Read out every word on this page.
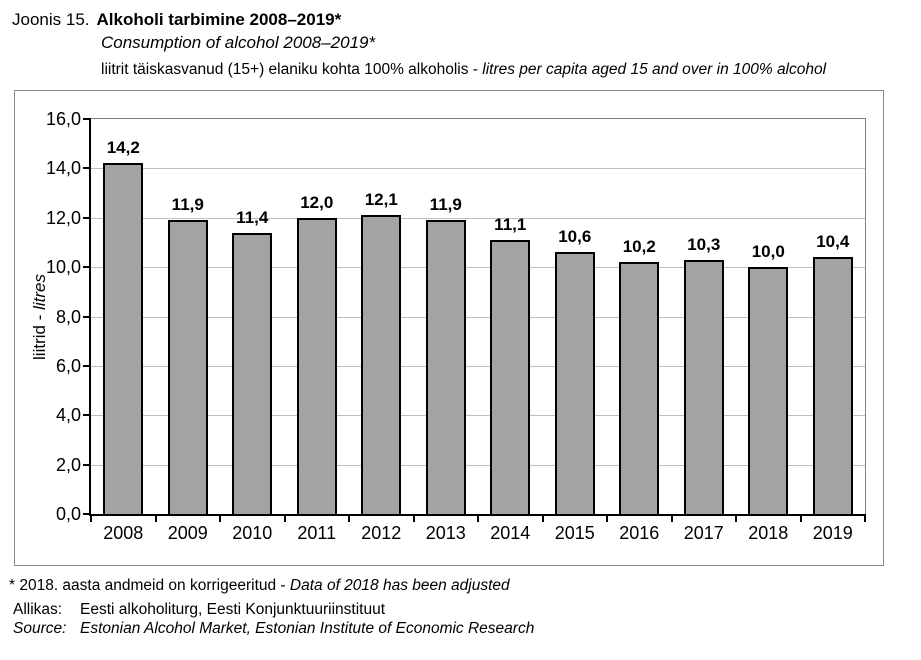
Joonis 15. Alkoholi tarbimine 2008–2019*
Consumption of alcohol 2008–2019*
liitrit täiskasvanud (15+) elaniku kohta 100% alkoholis - litres per capita aged 15 and over in 100% alcohol
liitrid - litres
14,2
11,9
11,4
12,0	12,1	11,9
11,1
10,6
10,2	10,3	10,0
10,4
16,0
14,0
12,0
10,0
8,0
6,0
4,0
2,0
0,0
2008	2009	2010	2011	2012	2013	2014	2015	2016	2017	2018	2019
* 2018. aasta andmeid on korrigeeritud - Data of 2018 has been adjusted
Allikas: Eesti alkoholiturg, Eesti Konjunktuuriinstituut
Source: Estonian Alcohol Market, Estonian Institute of Economic Research
